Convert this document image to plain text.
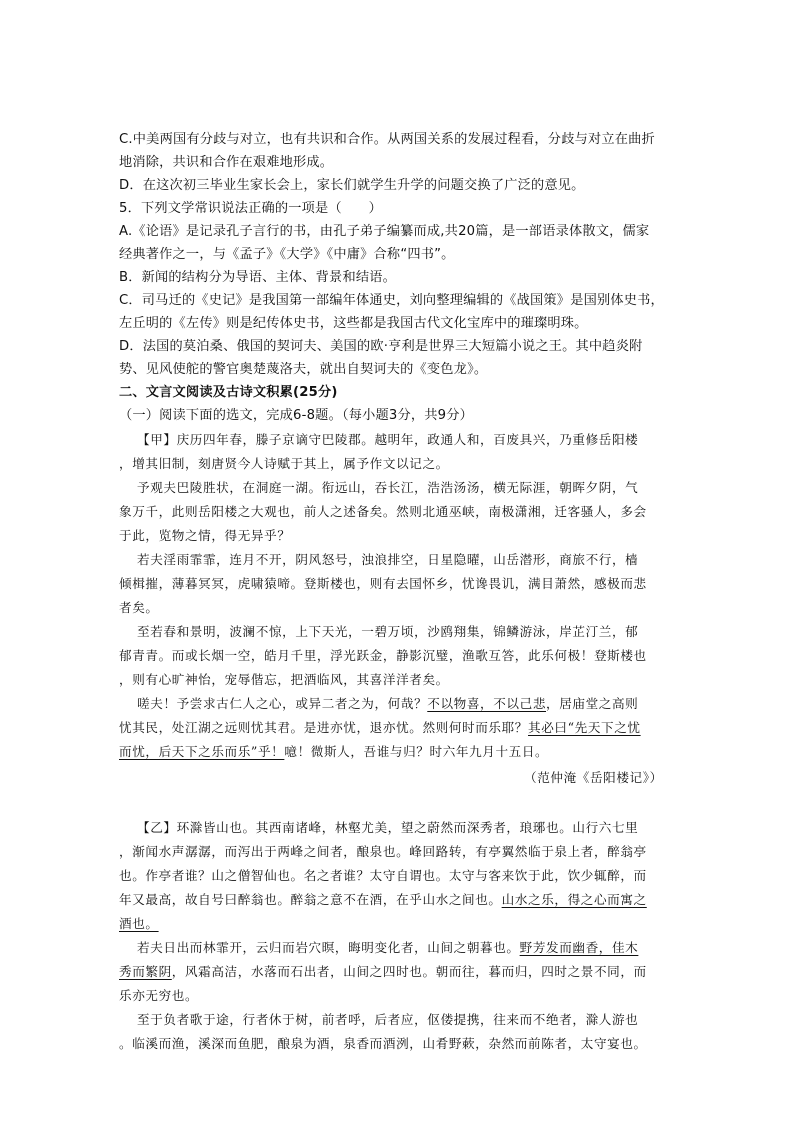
C.中美两国有分歧与对立，也有共识和合作。从两国关系的发展过程看，分歧与对立在曲折
地消除，共识和合作在艰难地形成。
D．在这次初三毕业生家长会上，家长们就学生升学的问题交换了广泛的意见。
5．下列文学常识说法正确的一项是（　　）
A.《论语》是记录孔子言行的书，由孔子弟子编纂而成,共20篇，是一部语录体散文，儒家
经典著作之一，与《孟子》《大学》《中庸》合称“四书”。
B．新闻的结构分为导语、主体、背景和结语。
C．司马迁的《史记》是我国第一部编年体通史，刘向整理编辑的《战国策》是国别体史书，
左丘明的《左传》则是纪传体史书，这些都是我国古代文化宝库中的璀璨明珠。
D．法国的莫泊桑、俄国的契诃夫、美国的欧·亨利是世界三大短篇小说之王。其中趋炎附
势、见风使舵的警官奥楚蔑洛夫，就出自契诃夫的《变色龙》。
二、文言文阅读及古诗文积累(25分)
（一）阅读下面的选文，完成6-8题。（每小题3分，共9分）
【甲】庆历四年春，滕子京谪守巴陵郡。越明年，政通人和，百废具兴，乃重修岳阳楼
，增其旧制，刻唐贤今人诗赋于其上，属予作文以记之。
予观夫巴陵胜状，在洞庭一湖。衔远山，吞长江，浩浩汤汤，横无际涯，朝晖夕阴，气
象万千，此则岳阳楼之大观也，前人之述备矣。然则北通巫峡，南极潇湘，迁客骚人，多会
于此，览物之情，得无异乎？
若夫淫雨霏霏，连月不开，阴风怒号，浊浪排空，日星隐曜，山岳潜形，商旅不行，樯
倾楫摧，薄暮冥冥，虎啸猿啼。登斯楼也，则有去国怀乡，忧谗畏讥，满目萧然，感极而悲
者矣。
至若春和景明，波澜不惊，上下天光，一碧万顷，沙鸥翔集，锦鳞游泳，岸芷汀兰，郁
郁青青。而或长烟一空，皓月千里，浮光跃金，静影沉璧，渔歌互答，此乐何极！登斯楼也
，则有心旷神怡，宠辱偕忘，把酒临风，其喜洋洋者矣。
嗟夫！予尝求古仁人之心，或异二者之为，何哉？不以物喜，不以己悲，居庙堂之高则
忧其民，处江湖之远则忧其君。是进亦忧，退亦忧。然则何时而乐耶？其必曰“先天下之忧
而忧，后天下之乐而乐”乎！噫！微斯人，吾谁与归？时六年九月十五日。
（范仲淹《岳阳楼记》）
【乙】环滁皆山也。其西南诸峰，林壑尤美，望之蔚然而深秀者，琅琊也。山行六七里
，渐闻水声潺潺，而泻出于两峰之间者，酿泉也。峰回路转，有亭翼然临于泉上者，醉翁亭
也。作亭者谁？山之僧智仙也。名之者谁？太守自谓也。太守与客来饮于此，饮少辄醉，而
年又最高，故自号曰醉翁也。醉翁之意不在酒，在乎山水之间也。山水之乐，得之心而寓之
酒也。
若夫日出而林霏开，云归而岩穴暝，晦明变化者，山间之朝暮也。野芳发而幽香，佳木
秀而繁阴，风霜高洁，水落而石出者，山间之四时也。朝而往，暮而归，四时之景不同，而
乐亦无穷也。
至于负者歌于途，行者休于树，前者呼，后者应，伛偻提携，往来而不绝者，滁人游也
。临溪而渔，溪深而鱼肥，酿泉为酒，泉香而酒洌，山肴野蔌，杂然而前陈者，太守宴也。
